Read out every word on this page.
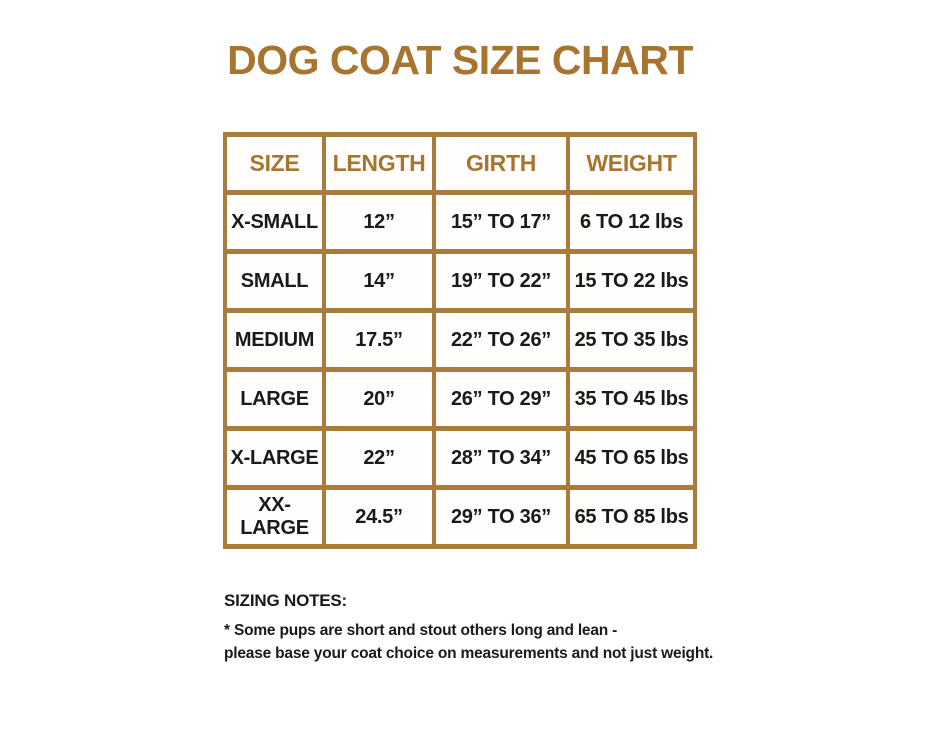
DOG COAT SIZE CHART
SIZE	LENGTH	GIRTH	WEIGHT
X-SMALL	12”	15” TO 17”	6 TO 12 lbs
SMALL	14”	19” TO 22”	15 TO 22 lbs
MEDIUM	17.5”	22” TO 26”	25 TO 35 lbs
LARGE	20”	26” TO 29”	35 TO 45 lbs
X-LARGE	22”	28” TO 34”	45 TO 65 lbs
XX-LARGE	24.5”	29” TO 36”	65 TO 85 lbs
SIZING NOTES:
* Some pups are short and stout others long and lean -
please base your coat choice on measurements and not just weight.
